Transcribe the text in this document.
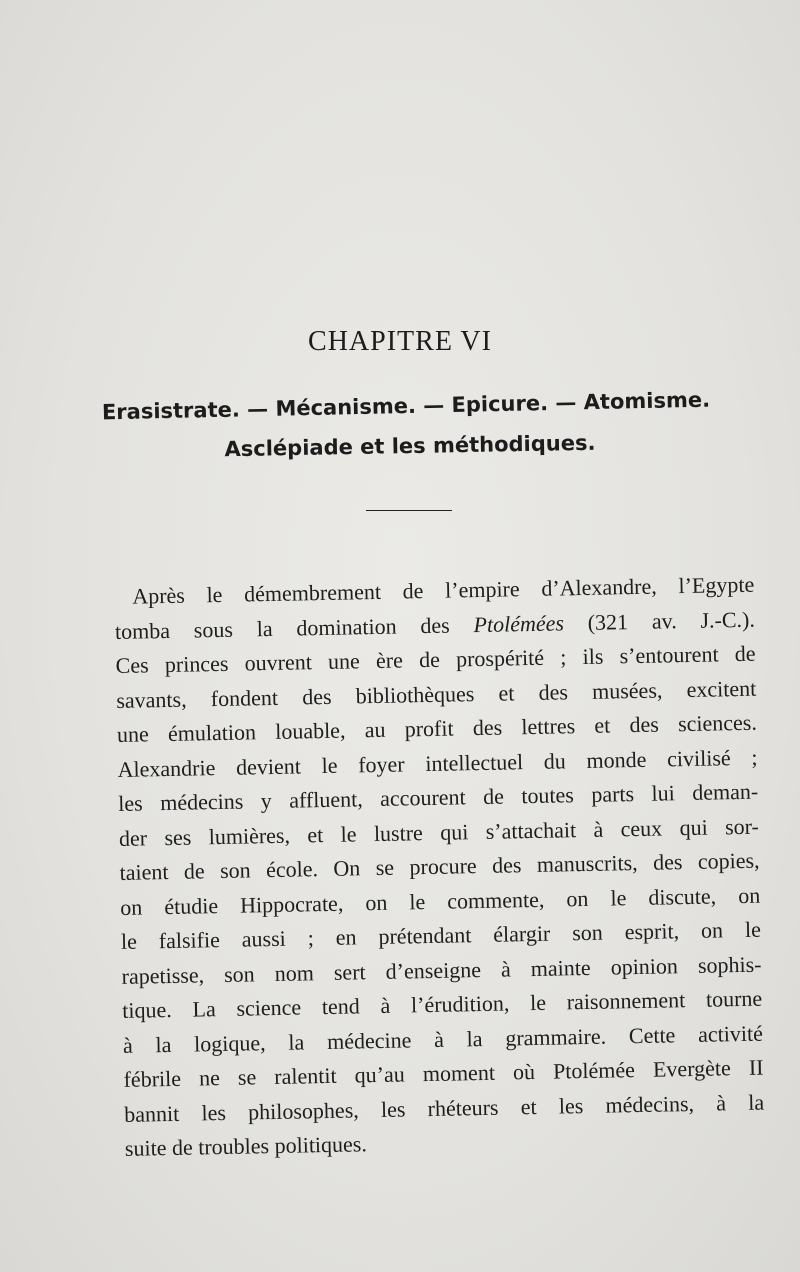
CHAPITRE VI
Erasistrate. — Mécanisme. — Epicure. — Atomisme.
Asclépiade et les méthodiques.
Après le démembrement de l’empire d’Alexandre, l’Egypte
tomba sous la domination des Ptolémées (321 av. J.-C.).
Ces princes ouvrent une ère de prospérité ; ils s’entourent de
savants, fondent des bibliothèques et des musées, excitent
une émulation louable, au profit des lettres et des sciences.
Alexandrie devient le foyer intellectuel du monde civilisé ;
les médecins y affluent, accourent de toutes parts lui deman-
der ses lumières, et le lustre qui s’attachait à ceux qui sor-
taient de son école. On se procure des manuscrits, des copies,
on étudie Hippocrate, on le commente, on le discute, on
le falsifie aussi ; en prétendant élargir son esprit, on le
rapetisse, son nom sert d’enseigne à mainte opinion sophis-
tique. La science tend à l’érudition, le raisonnement tourne
à la logique, la médecine à la grammaire. Cette activité
fébrile ne se ralentit qu’au moment où Ptolémée Evergète II
bannit les philosophes, les rhéteurs et les médecins, à la
suite de troubles politiques.
